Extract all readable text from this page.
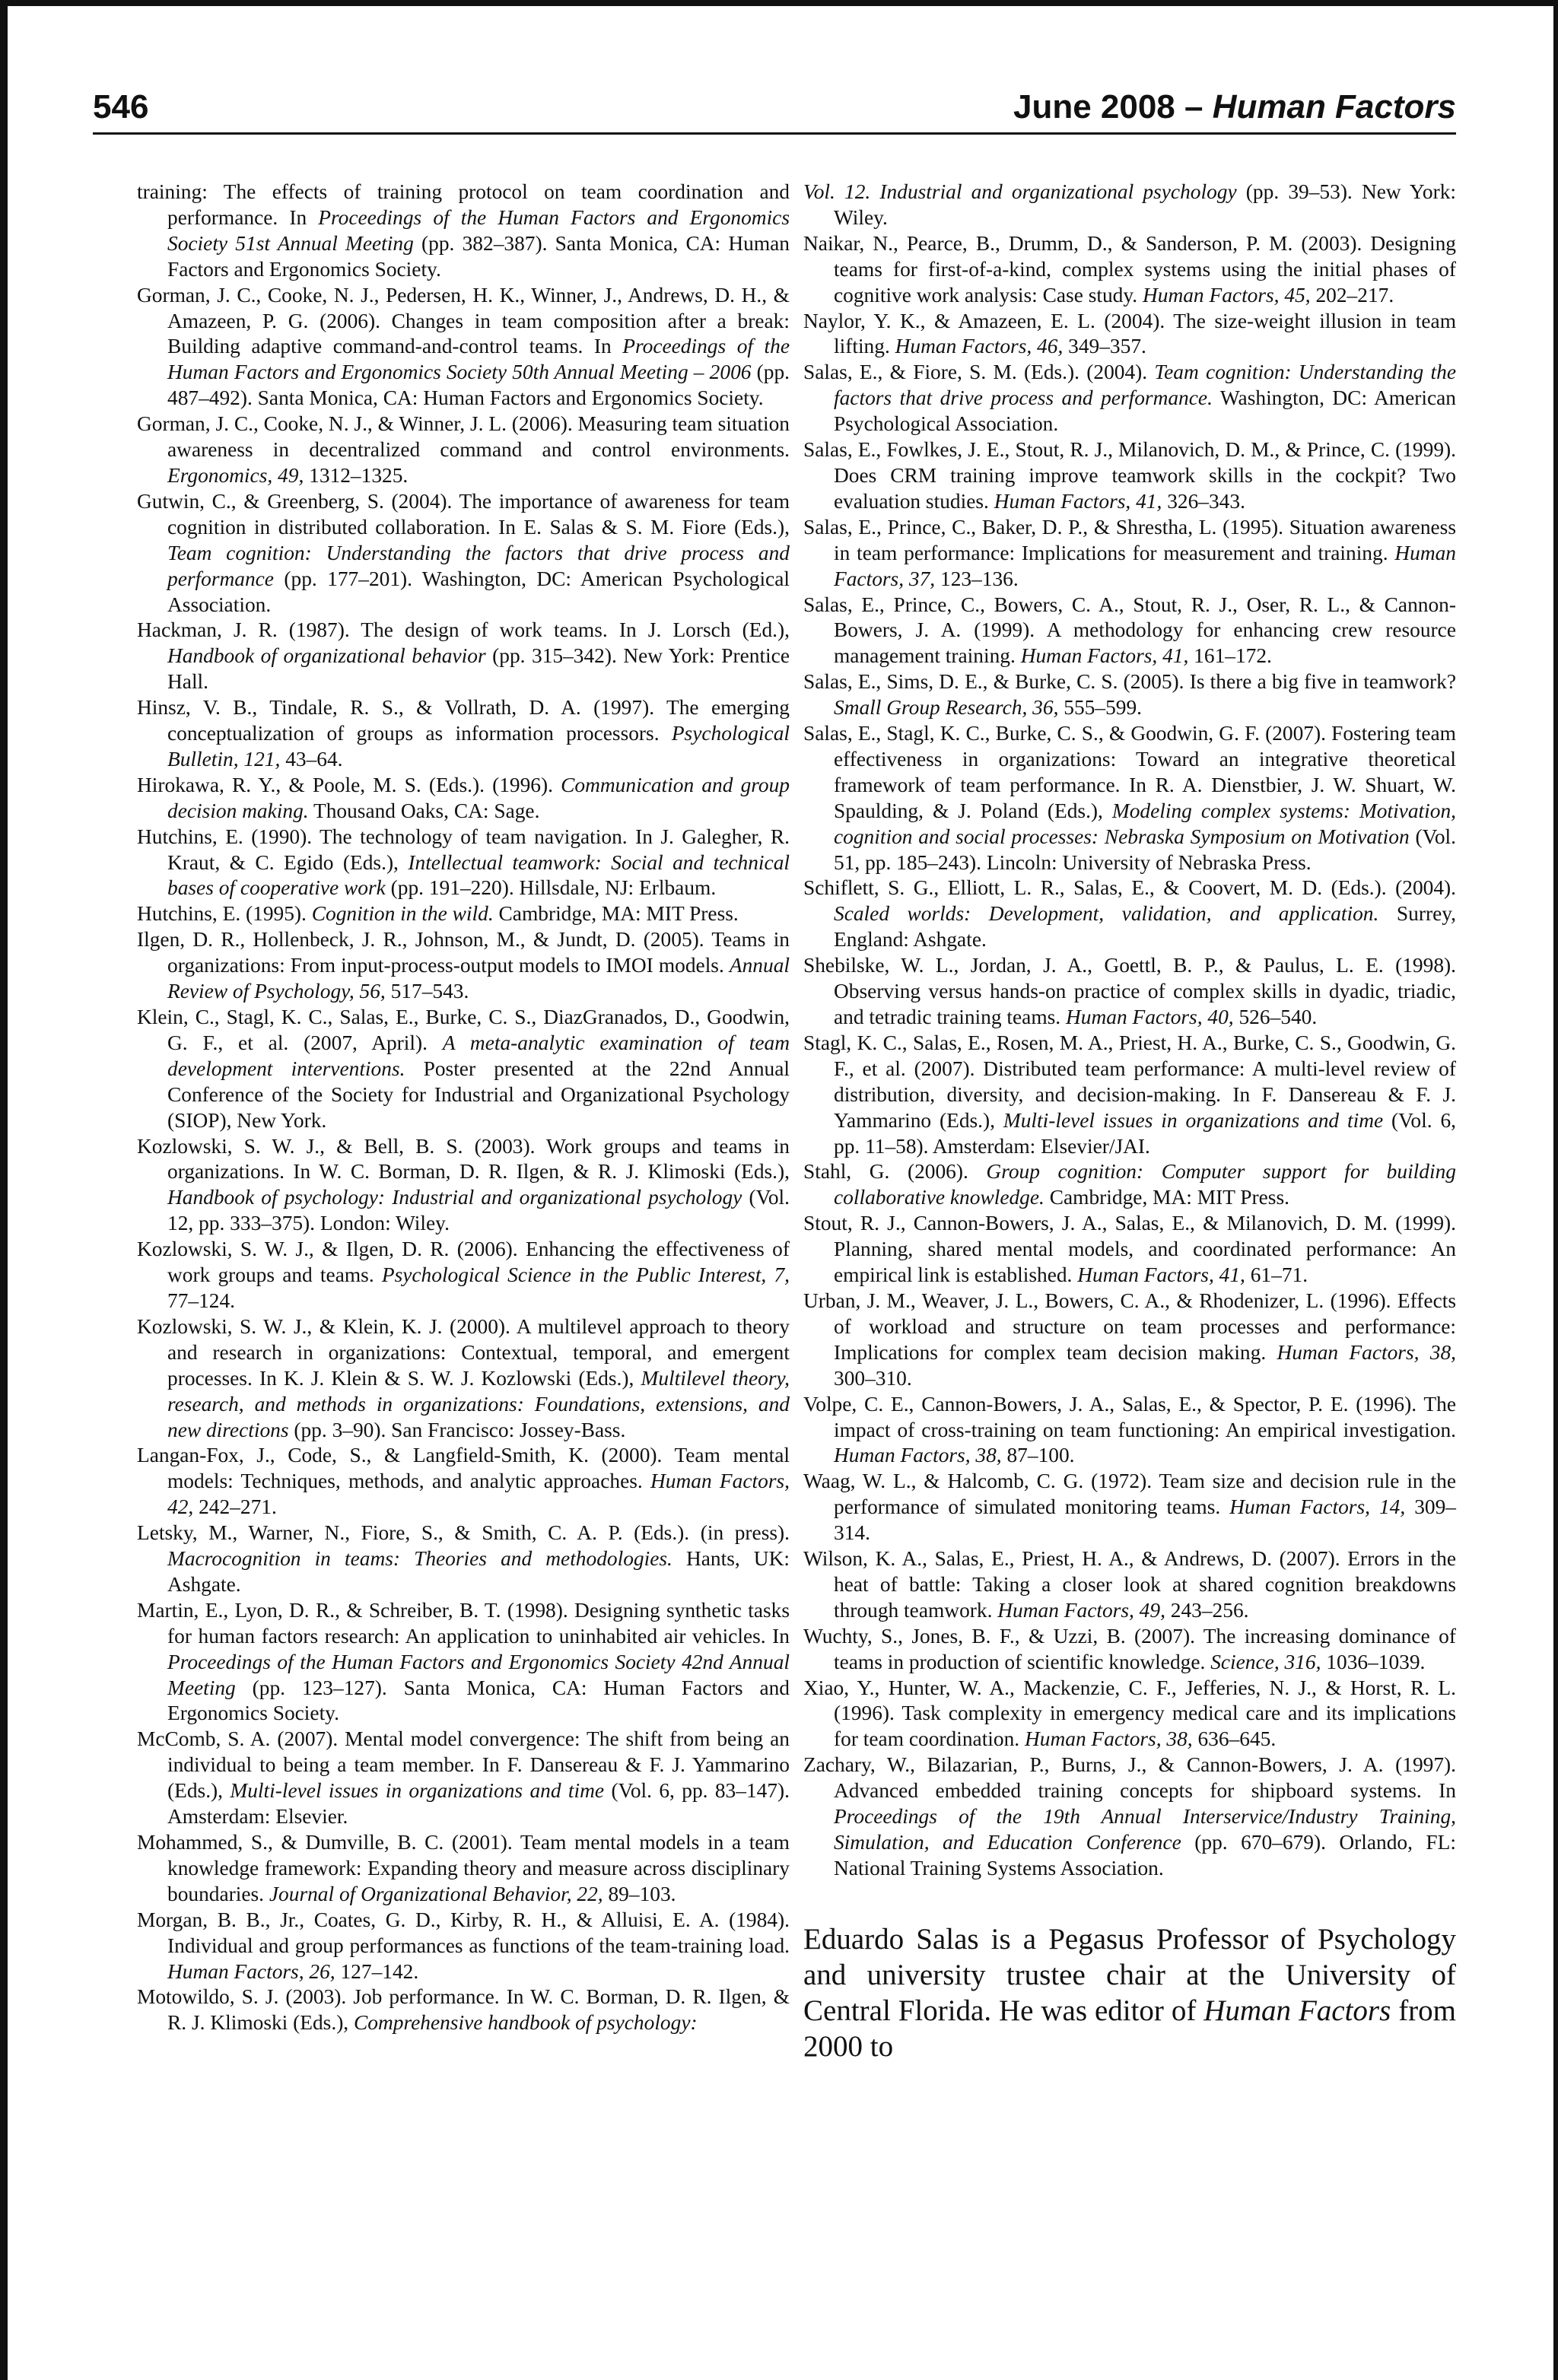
546	June 2008 – Human Factors

training: The effects of training protocol on team coordination and performance. In Proceedings of the Human Factors and Ergonomics Society 51st Annual Meeting (pp. 382–387). Santa Monica, CA: Human Factors and Ergonomics Society.

Gorman, J. C., Cooke, N. J., Pedersen, H. K., Winner, J., Andrews, D. H., & Amazeen, P. G. (2006). Changes in team composition after a break: Building adaptive command-and-control teams. In Proceedings of the Human Factors and Ergonomics Society 50th Annual Meeting – 2006 (pp. 487–492). Santa Monica, CA: Human Factors and Ergonomics Society.

Gorman, J. C., Cooke, N. J., & Winner, J. L. (2006). Measuring team situation awareness in decentralized command and control environments. Ergonomics, 49, 1312–1325.

Gutwin, C., & Greenberg, S. (2004). The importance of awareness for team cognition in distributed collaboration. In E. Salas & S. M. Fiore (Eds.), Team cognition: Understanding the factors that drive process and performance (pp. 177–201). Washington, DC: American Psychological Association.

Hackman, J. R. (1987). The design of work teams. In J. Lorsch (Ed.), Handbook of organizational behavior (pp. 315–342). New York: Prentice Hall.

Hinsz, V. B., Tindale, R. S., & Vollrath, D. A. (1997). The emerging conceptualization of groups as information processors. Psychological Bulletin, 121, 43–64.

Hirokawa, R. Y., & Poole, M. S. (Eds.). (1996). Communication and group decision making. Thousand Oaks, CA: Sage.

Hutchins, E. (1990). The technology of team navigation. In J. Galegher, R. Kraut, & C. Egido (Eds.), Intellectual teamwork: Social and technical bases of cooperative work (pp. 191–220). Hillsdale, NJ: Erlbaum.

Hutchins, E. (1995). Cognition in the wild. Cambridge, MA: MIT Press.

Ilgen, D. R., Hollenbeck, J. R., Johnson, M., & Jundt, D. (2005). Teams in organizations: From input-process-output models to IMOI models. Annual Review of Psychology, 56, 517–543.

Klein, C., Stagl, K. C., Salas, E., Burke, C. S., DiazGranados, D., Goodwin, G. F., et al. (2007, April). A meta-analytic examination of team development interventions. Poster presented at the 22nd Annual Conference of the Society for Industrial and Organizational Psychology (SIOP), New York.

Kozlowski, S. W. J., & Bell, B. S. (2003). Work groups and teams in organizations. In W. C. Borman, D. R. Ilgen, & R. J. Klimoski (Eds.), Handbook of psychology: Industrial and organizational psychology (Vol. 12, pp. 333–375). London: Wiley.

Kozlowski, S. W. J., & Ilgen, D. R. (2006). Enhancing the effectiveness of work groups and teams. Psychological Science in the Public Interest, 7, 77–124.

Kozlowski, S. W. J., & Klein, K. J. (2000). A multilevel approach to theory and research in organizations: Contextual, temporal, and emergent processes. In K. J. Klein & S. W. J. Kozlowski (Eds.), Multilevel theory, research, and methods in organizations: Foundations, extensions, and new directions (pp. 3–90). San Francisco: Jossey-Bass.

Langan-Fox, J., Code, S., & Langfield-Smith, K. (2000). Team mental models: Techniques, methods, and analytic approaches. Human Factors, 42, 242–271.

Letsky, M., Warner, N., Fiore, S., & Smith, C. A. P. (Eds.). (in press). Macrocognition in teams: Theories and methodologies. Hants, UK: Ashgate.

Martin, E., Lyon, D. R., & Schreiber, B. T. (1998). Designing synthetic tasks for human factors research: An application to uninhabited air vehicles. In Proceedings of the Human Factors and Ergonomics Society 42nd Annual Meeting (pp. 123–127). Santa Monica, CA: Human Factors and Ergonomics Society.

McComb, S. A. (2007). Mental model convergence: The shift from being an individual to being a team member. In F. Dansereau & F. J. Yammarino (Eds.), Multi-level issues in organizations and time (Vol. 6, pp. 83–147). Amsterdam: Elsevier.

Mohammed, S., & Dumville, B. C. (2001). Team mental models in a team knowledge framework: Expanding theory and measure across disciplinary boundaries. Journal of Organizational Behavior, 22, 89–103.

Morgan, B. B., Jr., Coates, G. D., Kirby, R. H., & Alluisi, E. A. (1984). Individual and group performances as functions of the team-training load. Human Factors, 26, 127–142.

Motowildo, S. J. (2003). Job performance. In W. C. Borman, D. R. Ilgen, & R. J. Klimoski (Eds.), Comprehensive handbook of psychology:

Vol. 12. Industrial and organizational psychology (pp. 39–53). New York: Wiley.

Naikar, N., Pearce, B., Drumm, D., & Sanderson, P. M. (2003). Designing teams for first-of-a-kind, complex systems using the initial phases of cognitive work analysis: Case study. Human Factors, 45, 202–217.

Naylor, Y. K., & Amazeen, E. L. (2004). The size-weight illusion in team lifting. Human Factors, 46, 349–357.

Salas, E., & Fiore, S. M. (Eds.). (2004). Team cognition: Understanding the factors that drive process and performance. Washington, DC: American Psychological Association.

Salas, E., Fowlkes, J. E., Stout, R. J., Milanovich, D. M., & Prince, C. (1999). Does CRM training improve teamwork skills in the cockpit? Two evaluation studies. Human Factors, 41, 326–343.

Salas, E., Prince, C., Baker, D. P., & Shrestha, L. (1995). Situation awareness in team performance: Implications for measurement and training. Human Factors, 37, 123–136.

Salas, E., Prince, C., Bowers, C. A., Stout, R. J., Oser, R. L., & Cannon-Bowers, J. A. (1999). A methodology for enhancing crew resource management training. Human Factors, 41, 161–172.

Salas, E., Sims, D. E., & Burke, C. S. (2005). Is there a big five in teamwork? Small Group Research, 36, 555–599.

Salas, E., Stagl, K. C., Burke, C. S., & Goodwin, G. F. (2007). Fostering team effectiveness in organizations: Toward an integrative theoretical framework of team performance. In R. A. Dienstbier, J. W. Shuart, W. Spaulding, & J. Poland (Eds.), Modeling complex systems: Motivation, cognition and social processes: Nebraska Symposium on Motivation (Vol. 51, pp. 185–243). Lincoln: University of Nebraska Press.

Schiflett, S. G., Elliott, L. R., Salas, E., & Coovert, M. D. (Eds.). (2004). Scaled worlds: Development, validation, and application. Surrey, England: Ashgate.

Shebilske, W. L., Jordan, J. A., Goettl, B. P., & Paulus, L. E. (1998). Observing versus hands-on practice of complex skills in dyadic, triadic, and tetradic training teams. Human Factors, 40, 526–540.

Stagl, K. C., Salas, E., Rosen, M. A., Priest, H. A., Burke, C. S., Goodwin, G. F., et al. (2007). Distributed team performance: A multi-level review of distribution, diversity, and decision-making. In F. Dansereau & F. J. Yammarino (Eds.), Multi-level issues in organizations and time (Vol. 6, pp. 11–58). Amsterdam: Elsevier/JAI.

Stahl, G. (2006). Group cognition: Computer support for building collaborative knowledge. Cambridge, MA: MIT Press.

Stout, R. J., Cannon-Bowers, J. A., Salas, E., & Milanovich, D. M. (1999). Planning, shared mental models, and coordinated performance: An empirical link is established. Human Factors, 41, 61–71.

Urban, J. M., Weaver, J. L., Bowers, C. A., & Rhodenizer, L. (1996). Effects of workload and structure on team processes and performance: Implications for complex team decision making. Human Factors, 38, 300–310.

Volpe, C. E., Cannon-Bowers, J. A., Salas, E., & Spector, P. E. (1996). The impact of cross-training on team functioning: An empirical investigation. Human Factors, 38, 87–100.

Waag, W. L., & Halcomb, C. G. (1972). Team size and decision rule in the performance of simulated monitoring teams. Human Factors, 14, 309–314.

Wilson, K. A., Salas, E., Priest, H. A., & Andrews, D. (2007). Errors in the heat of battle: Taking a closer look at shared cognition breakdowns through teamwork. Human Factors, 49, 243–256.

Wuchty, S., Jones, B. F., & Uzzi, B. (2007). The increasing dominance of teams in production of scientific knowledge. Science, 316, 1036–1039.

Xiao, Y., Hunter, W. A., Mackenzie, C. F., Jefferies, N. J., & Horst, R. L. (1996). Task complexity in emergency medical care and its implications for team coordination. Human Factors, 38, 636–645.

Zachary, W., Bilazarian, P., Burns, J., & Cannon-Bowers, J. A. (1997). Advanced embedded training concepts for shipboard systems. In Proceedings of the 19th Annual Interservice/Industry Training, Simulation, and Education Conference (pp. 670–679). Orlando, FL: National Training Systems Association.

Eduardo Salas is a Pegasus Professor of Psychology and university trustee chair at the University of Central Florida. He was editor of Human Factors from 2000 to
